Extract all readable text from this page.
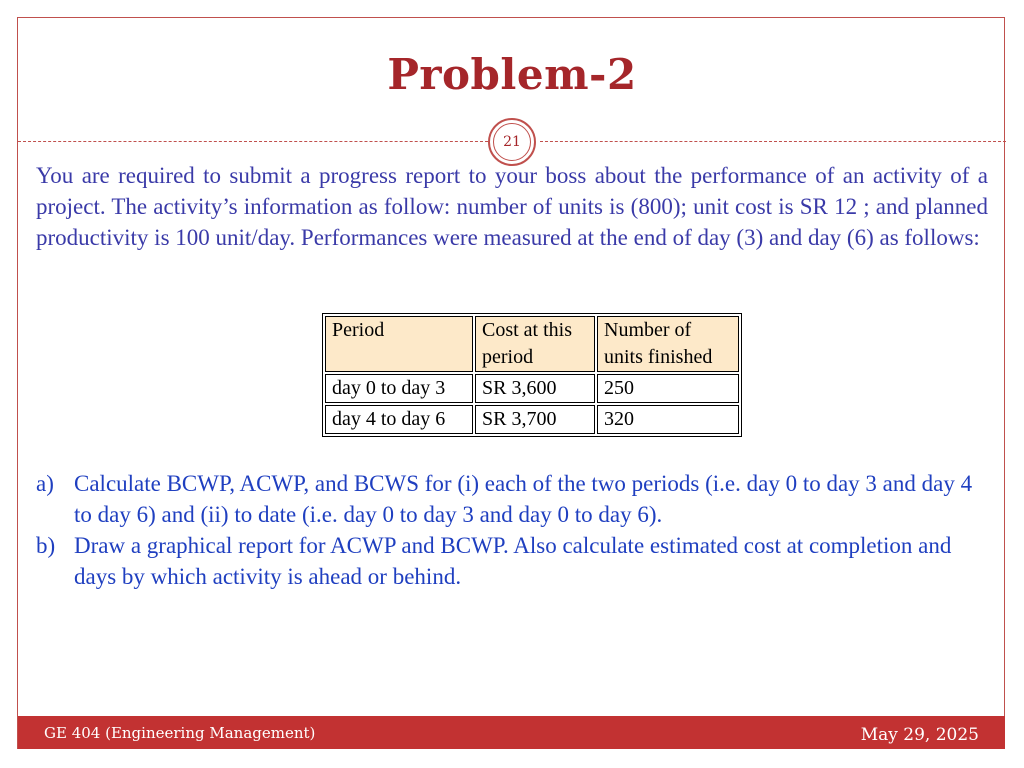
Problem-2
21

You are required to submit a progress report to your boss about the performance of an activity of a project. The activity’s information as follow: number of units is (800); unit cost is SR 12 ; and planned productivity is 100 unit/day. Performances were measured at the end of day (3) and day (6) as follows:

Period	Cost at this period	Number of units finished
day 0 to day 3	SR 3,600	250
day 4 to day 6	SR 3,700	320
a) Calculate BCWP, ACWP, and BCWS for (i) each of the two periods (i.e. day 0 to day 3 and day 4 to day 6) and (ii) to date (i.e. day 0 to day 3 and day 0 to day 6).
b) Draw a graphical report for ACWP and BCWP. Also calculate estimated cost at completion and days by which activity is ahead or behind.
GE 404 (Engineering Management)	May 29, 2025
